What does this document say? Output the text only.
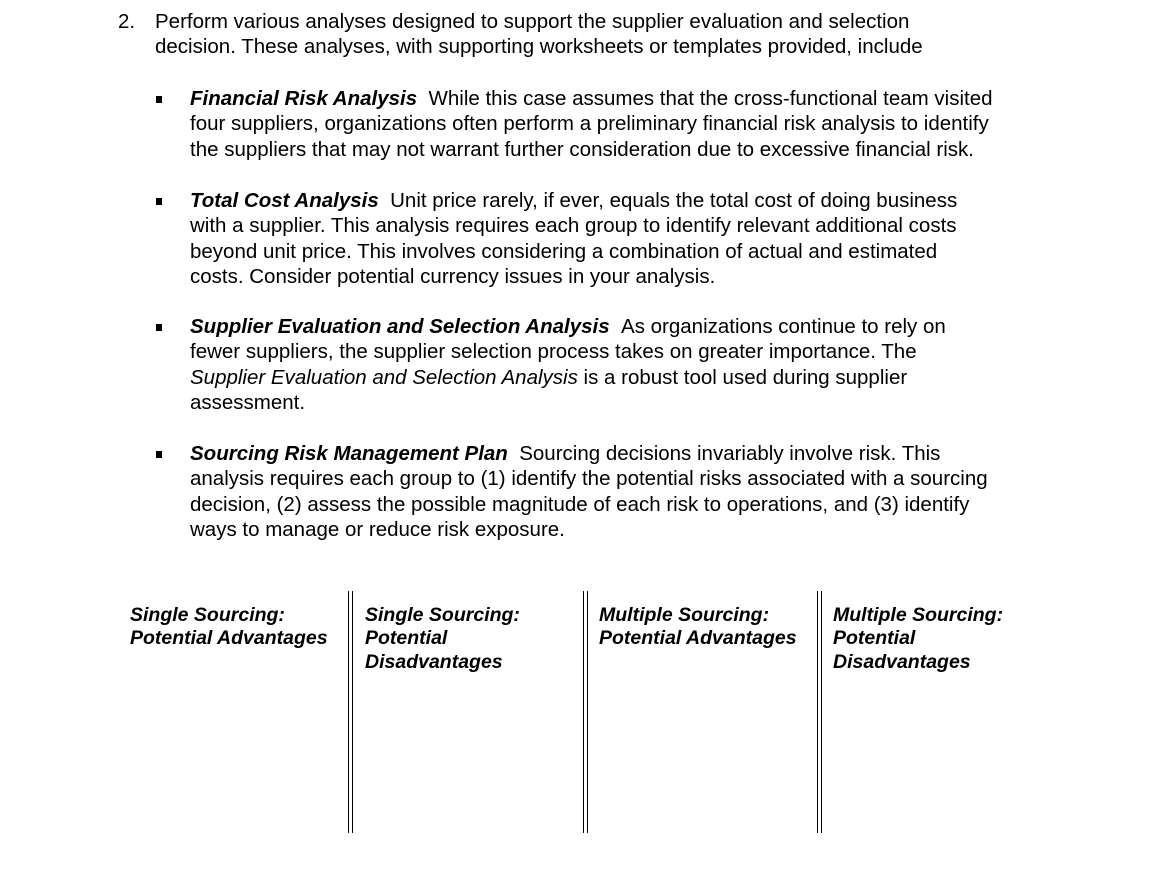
2. Perform various analyses designed to support the supplier evaluation and selection
decision. These analyses, with supporting worksheets or templates provided, include
Financial Risk Analysis While this case assumes that the cross-functional team visited
four suppliers, organizations often perform a preliminary financial risk analysis to identify
the suppliers that may not warrant further consideration due to excessive financial risk.
Total Cost Analysis Unit price rarely, if ever, equals the total cost of doing business
with a supplier. This analysis requires each group to identify relevant additional costs
beyond unit price. This involves considering a combination of actual and estimated
costs. Consider potential currency issues in your analysis.
Supplier Evaluation and Selection Analysis As organizations continue to rely on
fewer suppliers, the supplier selection process takes on greater importance. The
Supplier Evaluation and Selection Analysis is a robust tool used during supplier
assessment.
Sourcing Risk Management Plan Sourcing decisions invariably involve risk. This
analysis requires each group to (1) identify the potential risks associated with a sourcing
decision, (2) assess the possible magnitude of each risk to operations, and (3) identify
ways to manage or reduce risk exposure.
Single Sourcing:
Potential Advantages
Single Sourcing:
Potential
Disadvantages
Multiple Sourcing:
Potential Advantages
Multiple Sourcing:
Potential
Disadvantages
